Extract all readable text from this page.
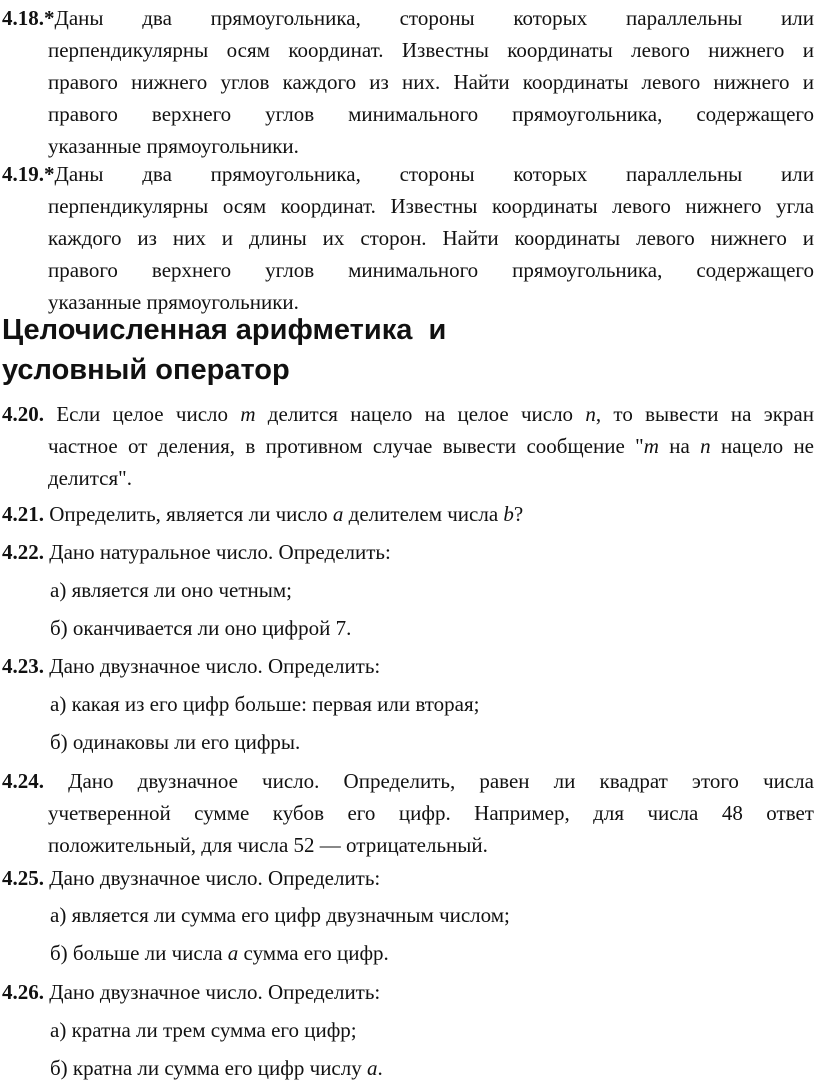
4.18.*Даны два прямоугольника, стороны которых параллельны или
перпендикулярны осям координат. Известны координаты левого нижнего и
правого нижнего углов каждого из них. Найти координаты левого нижнего и
правого верхнего углов минимального прямоугольника, содержащего
указанные прямоугольники.
4.19.*Даны два прямоугольника, стороны которых параллельны или
перпендикулярны осям координат. Известны координаты левого нижнего угла
каждого из них и длины их сторон. Найти координаты левого нижнего и
правого верхнего углов минимального прямоугольника, содержащего
указанные прямоугольники.
Целочисленная арифметика  и
условный оператор
4.20. Если целое число m делится нацело на целое число n, то вывести на экран
частное от деления, в противном случае вывести сообщение "m на n нацело не
делится".
4.21. Определить, является ли число a делителем числа b?
4.22. Дано натуральное число. Определить:
а) является ли оно четным;
б) оканчивается ли оно цифрой 7.
4.23. Дано двузначное число. Определить:
а) какая из его цифр больше: первая или вторая;
б) одинаковы ли его цифры.
4.24. Дано двузначное число. Определить, равен ли квадрат этого числа
учетверенной сумме кубов его цифр. Например, для числа 48 ответ
положительный, для числа 52 — отрицательный.
4.25. Дано двузначное число. Определить:
а) является ли сумма его цифр двузначным числом;
б) больше ли числа a сумма его цифр.
4.26. Дано двузначное число. Определить:
а) кратна ли трем сумма его цифр;
б) кратна ли сумма его цифр числу a.
